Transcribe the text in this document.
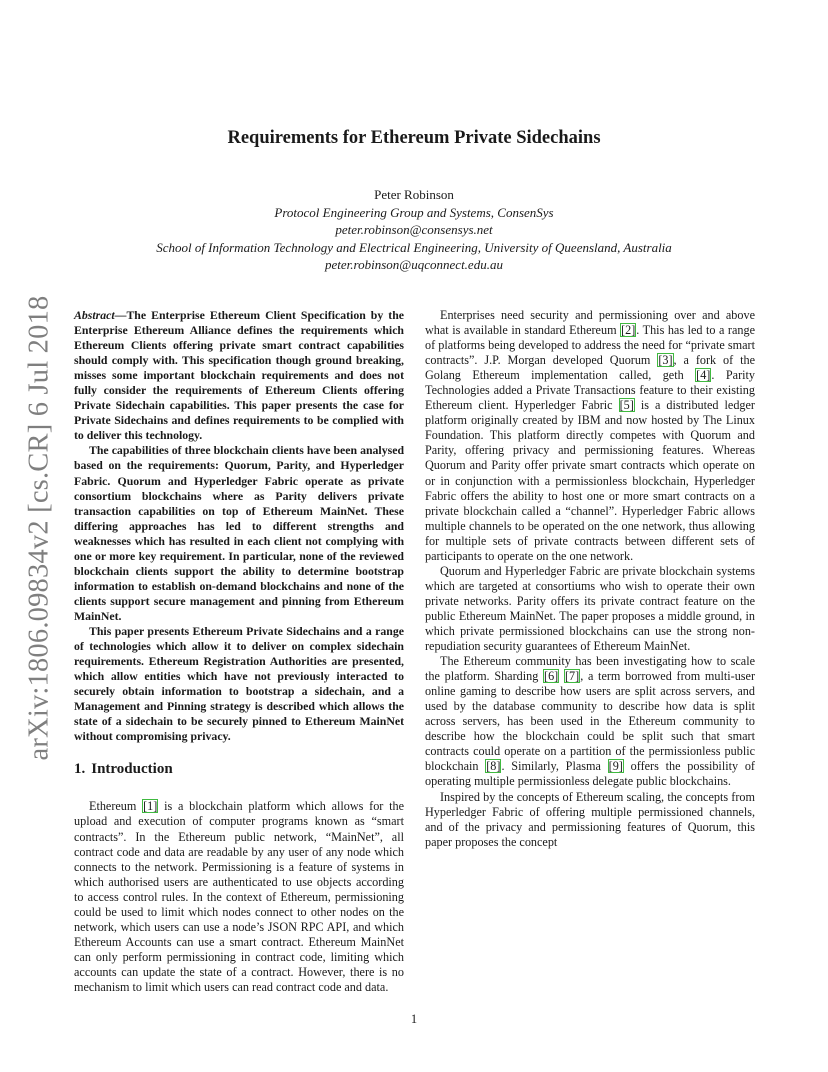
arXiv:1806.09834v2 [cs.CR] 6 Jul 2018
Requirements for Ethereum Private Sidechains
Peter Robinson
Protocol Engineering Group and Systems, ConsenSys
peter.robinson@consensys.net
School of Information Technology and Electrical Engineering, University of Queensland, Australia
peter.robinson@uqconnect.edu.au

Abstract—The Enterprise Ethereum Client Specification by the Enterprise Ethereum Alliance defines the requirements which Ethereum Clients offering private smart contract capabilities should comply with. This specification though ground breaking, misses some important blockchain requirements and does not fully consider the requirements of Ethereum Clients offering Private Sidechain capabilities. This paper presents the case for Private Sidechains and defines requirements to be complied with to deliver this technology.

The capabilities of three blockchain clients have been analysed based on the requirements: Quorum, Parity, and Hyperledger Fabric. Quorum and Hyperledger Fabric operate as private consortium blockchains where as Parity delivers private transaction capabilities on top of Ethereum MainNet. These differing approaches has led to different strengths and weaknesses which has resulted in each client not complying with one or more key requirement. In particular, none of the reviewed blockchain clients support the ability to determine bootstrap information to establish on-demand blockchains and none of the clients support secure management and pinning from Ethereum MainNet.

This paper presents Ethereum Private Sidechains and a range of technologies which allow it to deliver on complex sidechain requirements. Ethereum Registration Authorities are presented, which allow entities which have not previously interacted to securely obtain information to bootstrap a sidechain, and a Management and Pinning strategy is described which allows the state of a sidechain to be securely pinned to Ethereum MainNet without compromising privacy.

1. Introduction

Ethereum [1] is a blockchain platform which allows for the upload and execution of computer programs known as “smart contracts”. In the Ethereum public network, “MainNet”, all contract code and data are readable by any user of any node which connects to the network. Permissioning is a feature of systems in which authorised users are authenticated to use objects according to access control rules. In the context of Ethereum, permissioning could be used to limit which nodes connect to other nodes on the network, which users can use a node’s JSON RPC API, and which Ethereum Accounts can use a smart contract. Ethereum MainNet can only perform permissioning in contract code, limiting which accounts can update the state of a contract. However, there is no mechanism to limit which users can read contract code and data.

Enterprises need security and permissioning over and above what is available in standard Ethereum [2]. This has led to a range of platforms being developed to address the need for “private smart contracts”. J.P. Morgan developed Quorum [3], a fork of the Golang Ethereum implementation called, geth [4]. Parity Technologies added a Private Transactions feature to their existing Ethereum client. Hyperledger Fabric [5] is a distributed ledger platform originally created by IBM and now hosted by The Linux Foundation. This platform directly competes with Quorum and Parity, offering privacy and permissioning features. Whereas Quorum and Parity offer private smart contracts which operate on or in conjunction with a permissionless blockchain, Hyperledger Fabric offers the ability to host one or more smart contracts on a private blockchain called a “channel”. Hyperledger Fabric allows multiple channels to be operated on the one network, thus allowing for multiple sets of private contracts between different sets of participants to operate on the one network.

Quorum and Hyperledger Fabric are private blockchain systems which are targeted at consortiums who wish to operate their own private networks. Parity offers its private contract feature on the public Ethereum MainNet. The paper proposes a middle ground, in which private permissioned blockchains can use the strong non-repudiation security guarantees of Ethereum MainNet.

The Ethereum community has been investigating how to scale the platform. Sharding [6] [7], a term borrowed from multi-user online gaming to describe how users are split across servers, and used by the database community to describe how data is split across servers, has been used in the Ethereum community to describe how the blockchain could be split such that smart contracts could operate on a partition of the permissionless public blockchain [8]. Similarly, Plasma [9] offers the possibility of operating multiple permissionless delegate public blockchains.

Inspired by the concepts of Ethereum scaling, the concepts from Hyperledger Fabric of offering multiple permissioned channels, and of the privacy and permissioning features of Quorum, this paper proposes the concept

1
